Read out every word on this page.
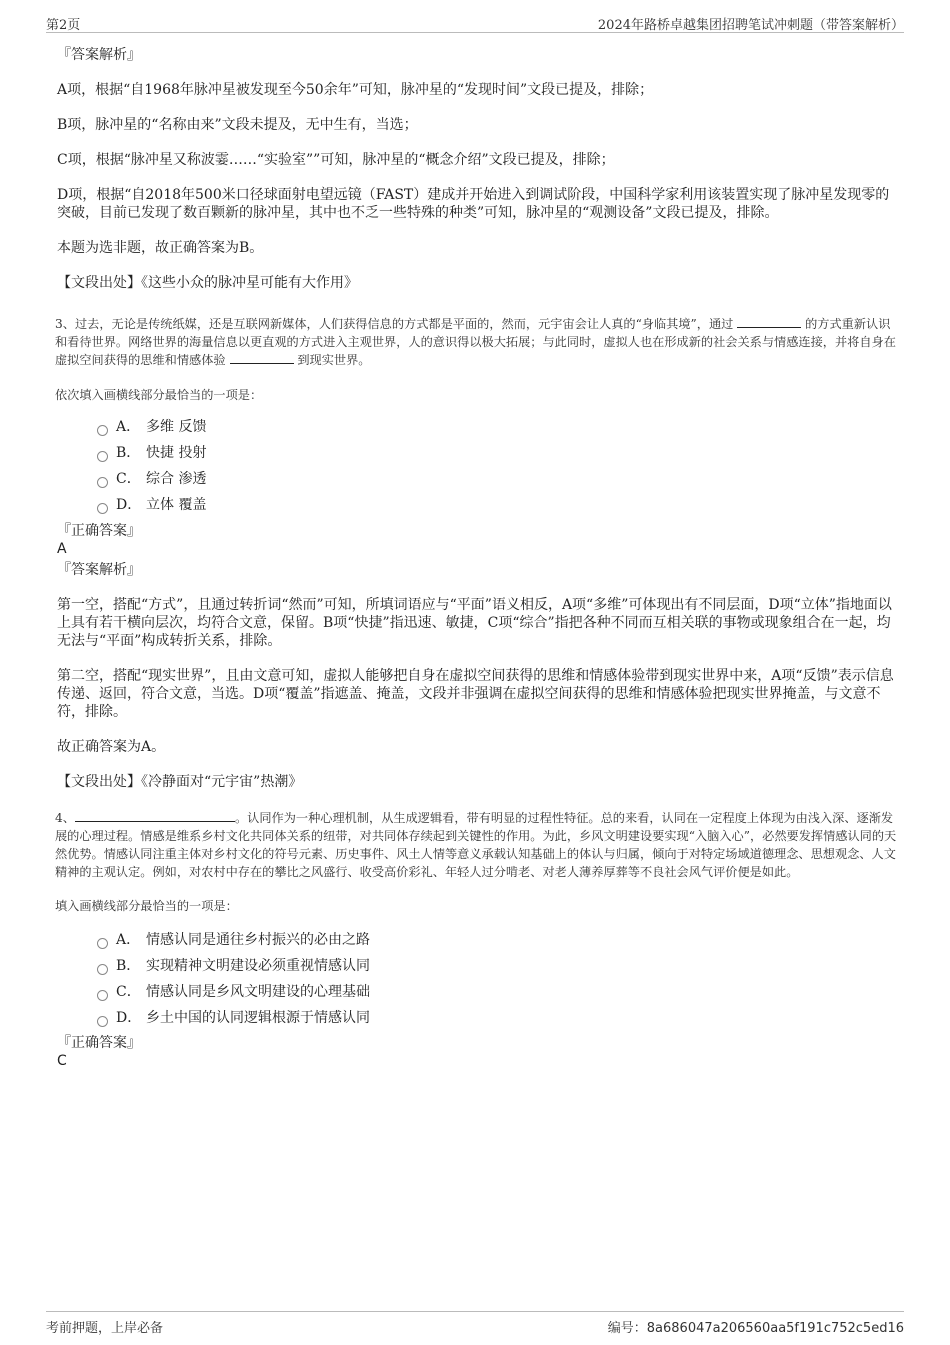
第2页	2024年路桥卓越集团招聘笔试冲刺题（带答案解析）

『答案解析』

A项，根据“自1968年脉冲星被发现至今50余年”可知，脉冲星的“发现时间”文段已提及，排除；

B项，脉冲星的“名称由来”文段未提及，无中生有，当选；

C项，根据“脉冲星又称波霎……“实验室””可知，脉冲星的“概念介绍”文段已提及，排除；

D项，根据“自2018年500米口径球面射电望远镜（FAST）建成并开始进入到调试阶段，中国科学家利用该装置实现了脉冲星发现零的突破，目前已发现了数百颗新的脉冲星，其中也不乏一些特殊的种类”可知，脉冲星的“观测设备”文段已提及，排除。

本题为选非题，故正确答案为B。

【文段出处】《这些小众的脉冲星可能有大作用》

3、过去，无论是传统纸媒，还是互联网新媒体，人们获得信息的方式都是平面的，然而，元宇宙会让人真的“身临其境”，通过	的方式重新认识和看待世界。网络世界的海量信息以更直观的方式进入主观世界，人的意识得以极大拓展；与此同时，虚拟人也在形成新的社会关系与情感连接，并将自身在虚拟空间获得的思维和情感体验	到现实世界。

依次填入画横线部分最恰当的一项是：

A． 多维 反馈
B． 快捷 投射
C． 综合 渗透
D． 立体 覆盖

『正确答案』

A

『答案解析』

第一空，搭配“方式”，且通过转折词“然而”可知，所填词语应与“平面”语义相反，A项“多维”可体现出有不同层面，D项“立体”指地面以上具有若干横向层次，均符合文意，保留。B项“快捷”指迅速、敏捷，C项“综合”指把各种不同而互相关联的事物或现象组合在一起，均无法与“平面”构成转折关系，排除。

第二空，搭配“现实世界”，且由文意可知，虚拟人能够把自身在虚拟空间获得的思维和情感体验带到现实世界中来，A项“反馈”表示信息传递、返回，符合文意，当选。D项“覆盖”指遮盖、掩盖，文段并非强调在虚拟空间获得的思维和情感体验把现实世界掩盖，与文意不符，排除。

故正确答案为A。

【文段出处】《冷静面对“元宇宙”热潮》

4、	。认同作为一种心理机制，从生成逻辑看，带有明显的过程性特征。总的来看，认同在一定程度上体现为由浅入深、逐渐发展的心理过程。情感是维系乡村文化共同体关系的纽带，对共同体存续起到关键性的作用。为此，乡风文明建设要实现“入脑入心”，必然要发挥情感认同的天然优势。情感认同注重主体对乡村文化的符号元素、历史事件、风土人情等意义承载认知基础上的体认与归属，倾向于对特定场域道德理念、思想观念、人文精神的主观认定。例如，对农村中存在的攀比之风盛行、收受高价彩礼、年轻人过分啃老、对老人薄养厚葬等不良社会风气评价便是如此。

填入画横线部分最恰当的一项是：

A． 情感认同是通往乡村振兴的必由之路
B． 实现精神文明建设必须重视情感认同
C． 情感认同是乡风文明建设的心理基础
D． 乡土中国的认同逻辑根源于情感认同

『正确答案』

C

考前押题，上岸必备	编号：8a686047a206560aa5f191c752c5ed16
